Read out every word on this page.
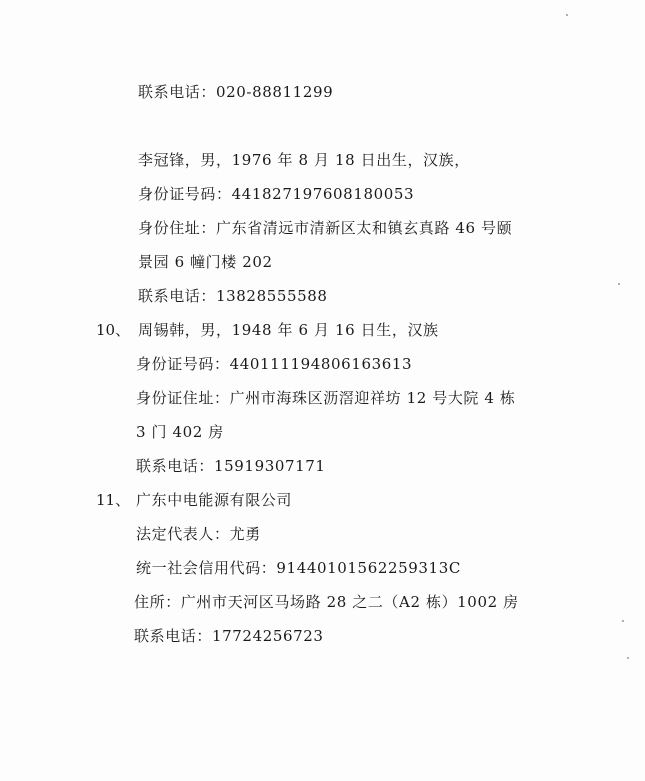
联系电话：020-88811299
李冠锋，男，1976 年 8 月 18 日出生，汉族，
身份证号码：441827197608180053
身份住址：广东省清远市清新区太和镇玄真路 46 号颐
景园 6 幢门楼 202
联系电话：13828555588
10、 周锡韩，男，1948 年 6 月 16 日生，汉族
身份证号码：440111194806163613
身份证住址：广州市海珠区沥滘迎祥坊 12 号大院 4 栋
3 门 402 房
联系电话：15919307171
11、 广东中电能源有限公司
法定代表人：尤勇
统一社会信用代码：91440101562259313C
住所：广州市天河区马场路 28 之二（A2 栋）1002 房
联系电话：17724256723
